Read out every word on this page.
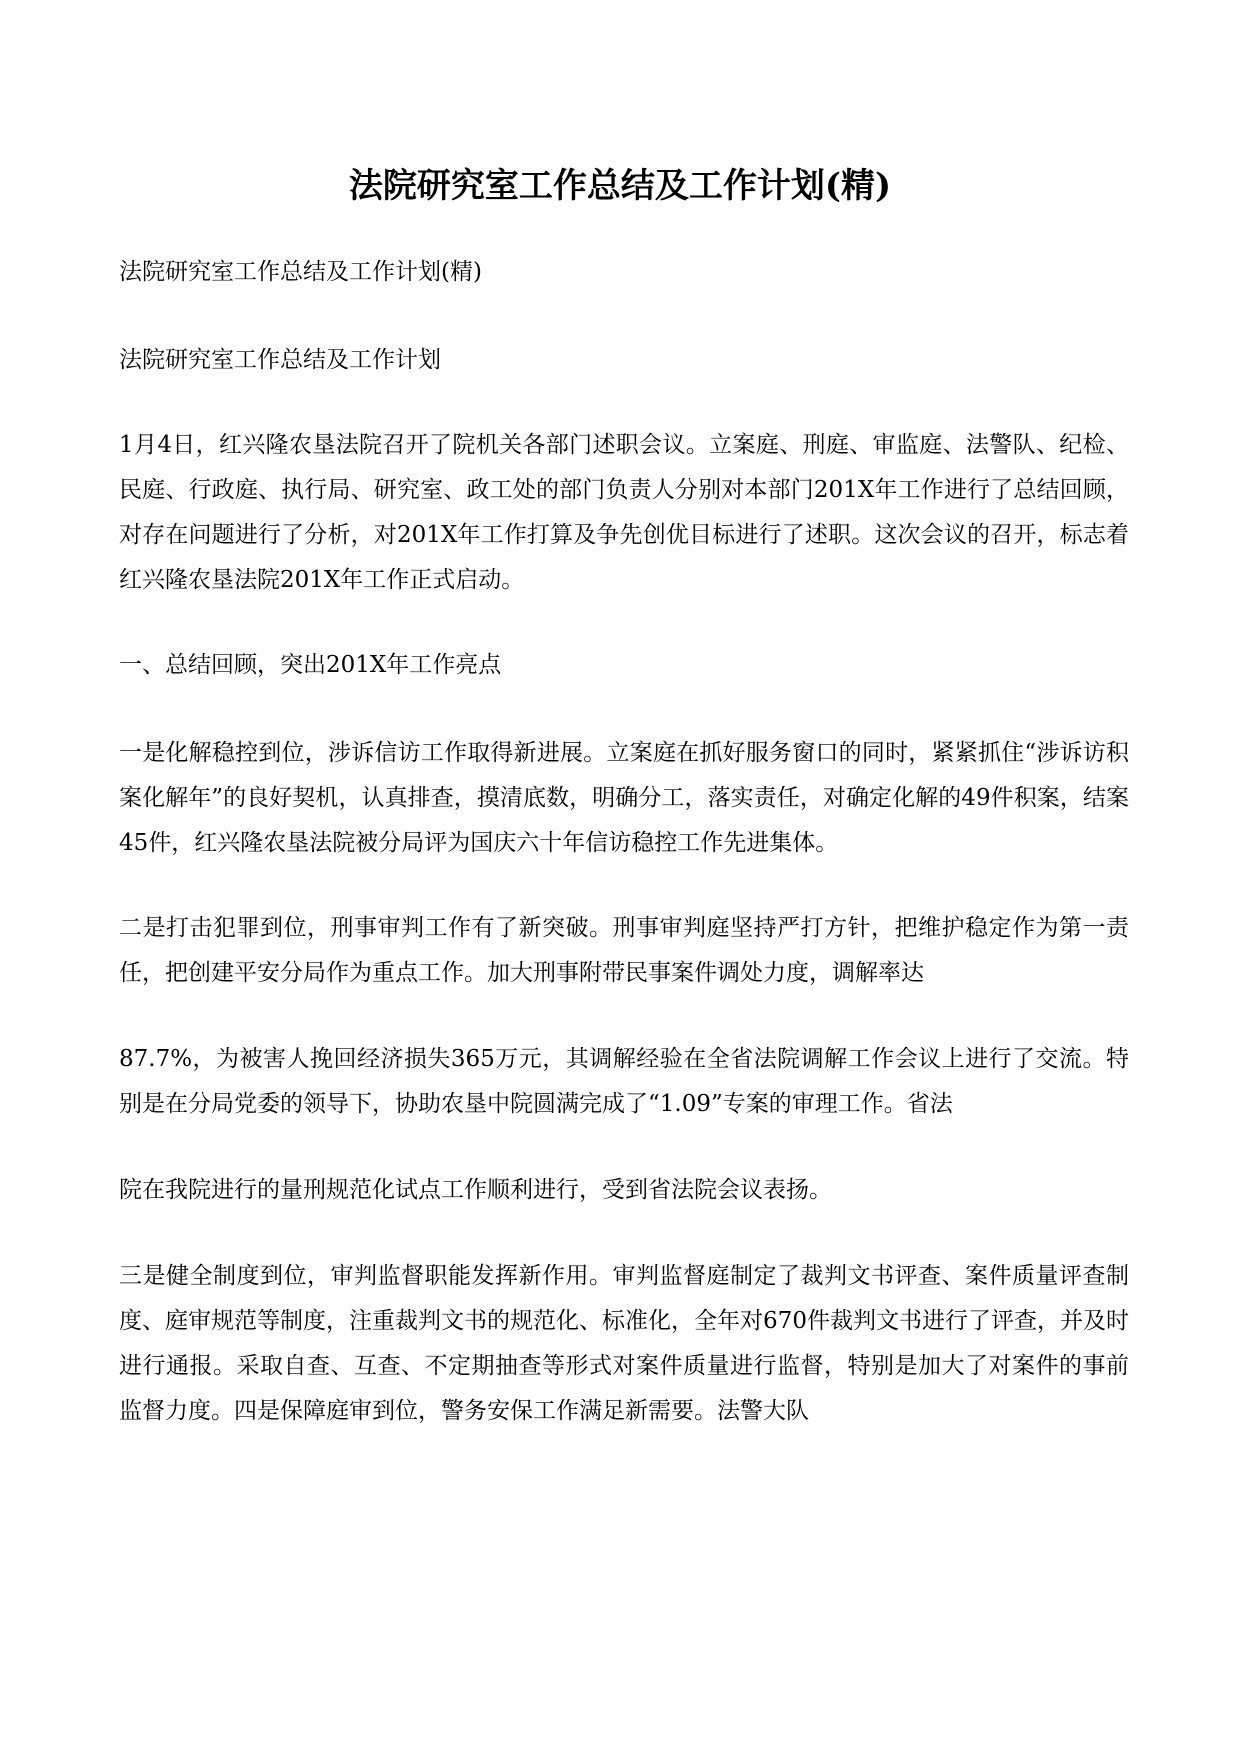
法院研究室工作总结及工作计划(精)

法院研究室工作总结及工作计划(精)

法院研究室工作总结及工作计划

1月4日，红兴隆农垦法院召开了院机关各部门述职会议。立案庭、刑庭、审监庭、法警队、纪检、民庭、行政庭、执行局、研究室、政工处的部门负责人分别对本部门201X年工作进行了总结回顾，对存在问题进行了分析，对201X年工作打算及争先创优目标进行了述职。这次会议的召开，标志着红兴隆农垦法院201X年工作正式启动。

一、总结回顾，突出201X年工作亮点

一是化解稳控到位，涉诉信访工作取得新进展。立案庭在抓好服务窗口的同时，紧紧抓住“涉诉访积案化解年”的良好契机，认真排查，摸清底数，明确分工，落实责任，对确定化解的49件积案，结案45件，红兴隆农垦法院被分局评为国庆六十年信访稳控工作先进集体。

二是打击犯罪到位，刑事审判工作有了新突破。刑事审判庭坚持严打方针，把维护稳定作为第一责任，把创建平安分局作为重点工作。加大刑事附带民事案件调处力度，调解率达

87.7%，为被害人挽回经济损失365万元，其调解经验在全省法院调解工作会议上进行了交流。特别是在分局党委的领导下，协助农垦中院圆满完成了“1.09”专案的审理工作。省法

院在我院进行的量刑规范化试点工作顺利进行，受到省法院会议表扬。

三是健全制度到位，审判监督职能发挥新作用。审判监督庭制定了裁判文书评查、案件质量评查制度、庭审规范等制度，注重裁判文书的规范化、标准化，全年对670件裁判文书进行了评查，并及时进行通报。采取自查、互查、不定期抽查等形式对案件质量进行监督，特别是加大了对案件的事前监督力度。四是保障庭审到位，警务安保工作满足新需要。法警大队
